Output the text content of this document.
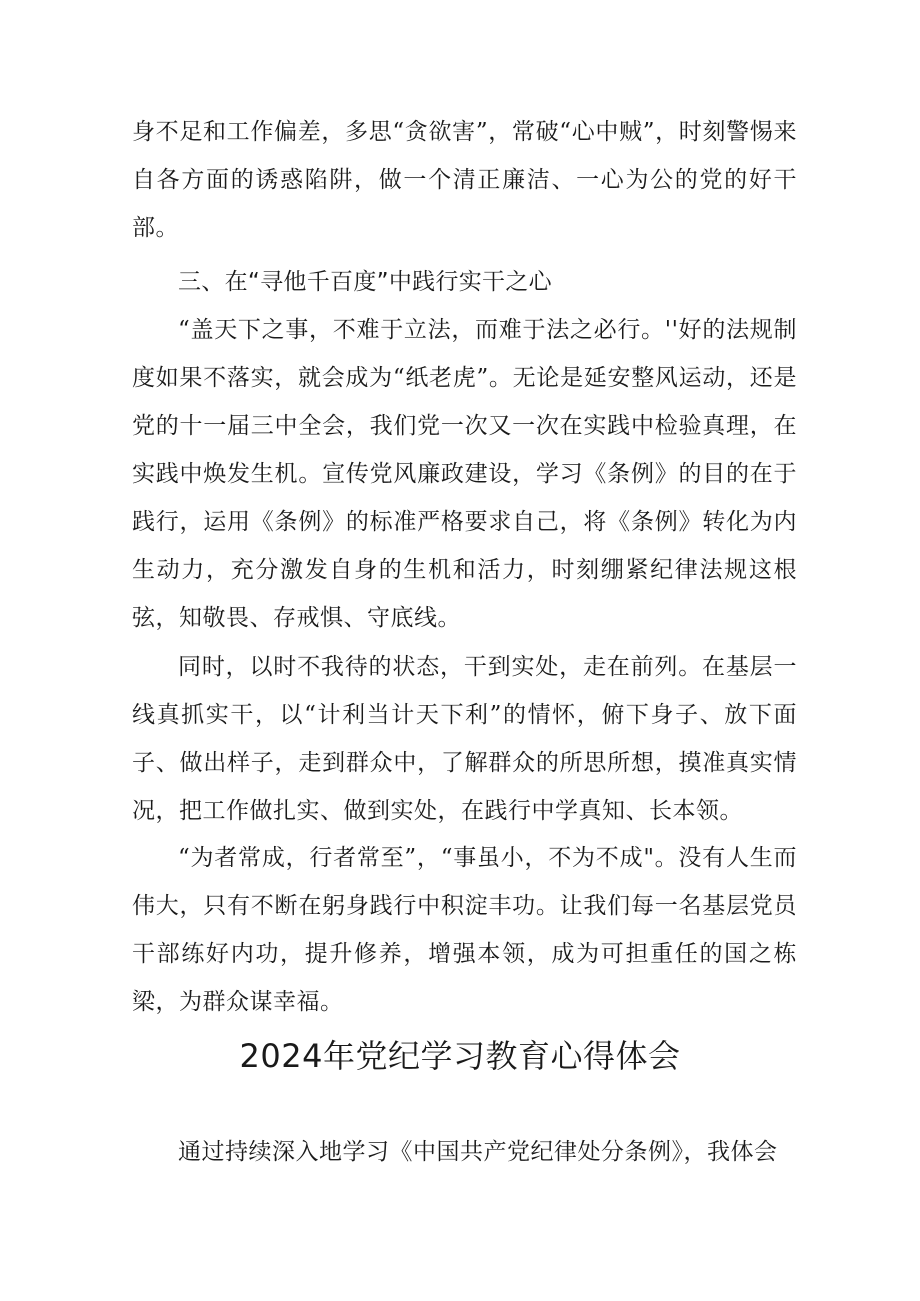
身不足和工作偏差，多思“贪欲害”，常破“心中贼”，时刻警惕来自各方面的诱惑陷阱，做一个清正廉洁、一心为公的党的好干部。

三、在“寻他千百度”中践行实干之心

“盖天下之事，不难于立法，而难于法之必行。''好的法规制度如果不落实，就会成为“纸老虎”。无论是延安整风运动，还是党的十一届三中全会，我们党一次又一次在实践中检验真理，在实践中焕发生机。宣传党风廉政建设，学习《条例》的目的在于践行，运用《条例》的标准严格要求自己，将《条例》转化为内生动力，充分激发自身的生机和活力，时刻绷紧纪律法规这根弦，知敬畏、存戒惧、守底线。

同时，以时不我待的状态，干到实处，走在前列。在基层一线真抓实干，以“计利当计天下利”的情怀，俯下身子、放下面子、做出样子，走到群众中，了解群众的所思所想，摸准真实情况，把工作做扎实、做到实处，在践行中学真知、长本领。

“为者常成，行者常至”，“事虽小，不为不成"。没有人生而伟大，只有不断在躬身践行中积淀丰功。让我们每一名基层党员干部练好内功，提升修养，增强本领，成为可担重任的国之栋梁，为群众谋幸福。

2024年党纪学习教育心得体会

通过持续深入地学习《中国共产党纪律处分条例》，我体会
